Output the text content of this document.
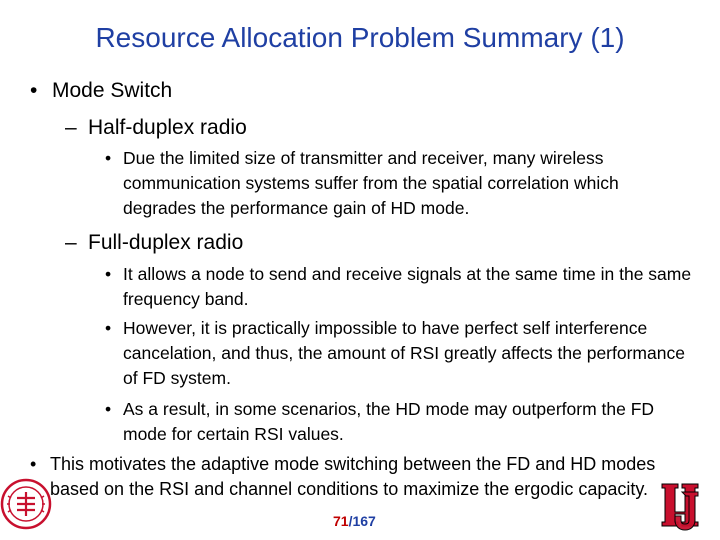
Resource Allocation Problem Summary (1)
• Mode Switch
– Half-duplex radio
• Due the limited size of transmitter and receiver, many wireless communication systems suffer from the spatial correlation which degrades the performance gain of HD mode.
– Full-duplex radio
• It allows a node to send and receive signals at the same time in the same frequency band.
• However, it is practically impossible to have perfect self interference cancelation, and thus, the amount of RSI greatly affects the performance of FD system.
• As a result, in some scenarios, the HD mode may outperform the FD mode for certain RSI values.
• This motivates the adaptive mode switching between the FD and HD modes based on the RSI and channel conditions to maximize the ergodic capacity.
71/167
